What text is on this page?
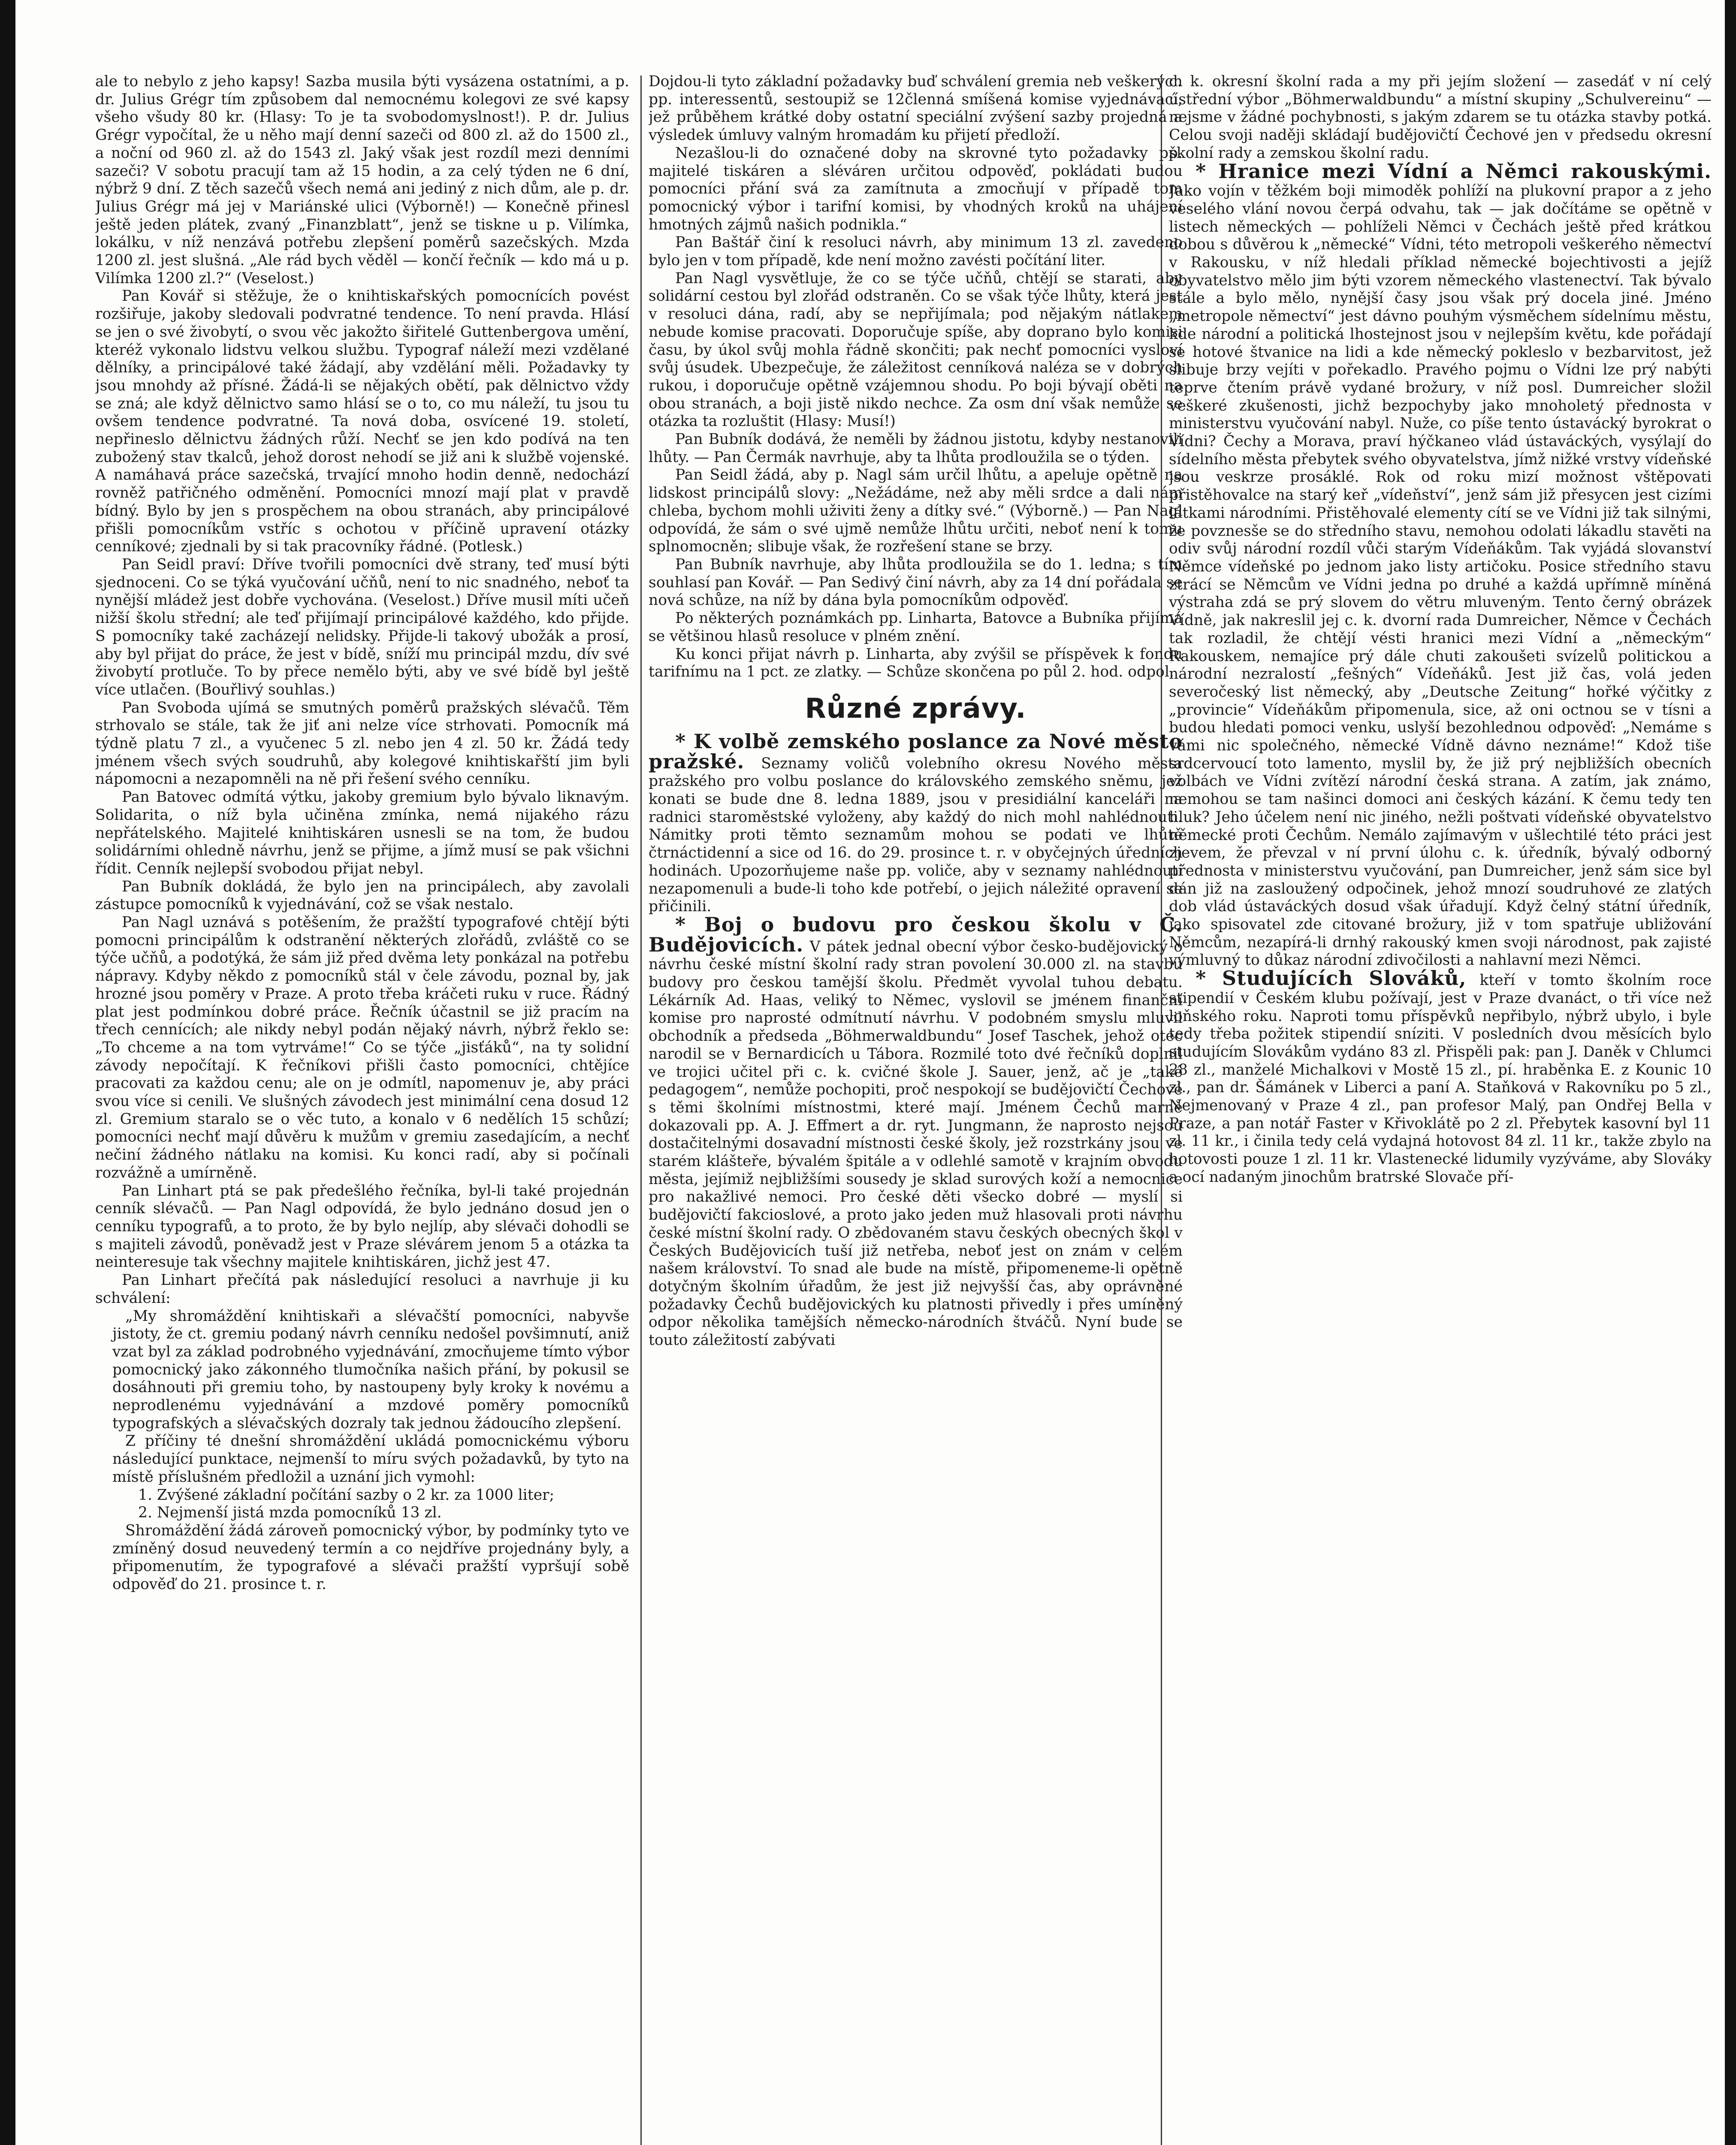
ale to nebylo z jeho kapsy! Sazba musila býti vysázena ostatními, a p. dr. Julius Grégr tím způsobem dal nemocnému kolegovi ze své kapsy všeho všudy 80 kr. (Hlasy: To je ta svobodomyslnost!). P. dr. Julius Grégr vypočítal, že u něho mají denní sazeči od 800 zl. až do 1500 zl., a noční od 960 zl. až do 1543 zl. Jaký však jest rozdíl mezi denními sazeči? V sobotu pracují tam až 15 hodin, a za celý týden ne 6 dní, nýbrž 9 dní. Z těch sazečů všech nemá ani jediný z nich dům, ale p. dr. Julius Grégr má jej v Mariánské ulici (Výborně!) — Konečně přinesl ještě jeden plátek, zvaný „Finanzblatt“, jenž se tiskne u p. Vilímka, lokálku, v níž nenzává potřebu zlepšení poměrů sazečských. Mzda 1200 zl. jest slušná. „Ale rád bych věděl — končí řečník — kdo má u p. Vilímka 1200 zl.?“ (Veselost.)

Pan Kovář si stěžuje, že o knihtiskařských pomocnících povést rozšiřuje, jakoby sledovali podvratné tendence. To není pravda. Hlásí se jen o své živobytí, o svou věc jakožto šiřitelé Guttenbergova umění, kteréž vykonalo lidstvu velkou službu. Typograf náleží mezi vzdělané dělníky, a principálové také žádají, aby vzdělání měli. Požadavky ty jsou mnohdy až přísné. Žádá-li se nějakých obětí, pak dělnictvo vždy se zná; ale když dělnictvo samo hlásí se o to, co mu náleží, tu jsou tu ovšem tendence podvratné. Ta nová doba, osvícené 19. století, nepřineslo dělnictvu žádných růží. Nechť se jen kdo podívá na ten zubožený stav tkalců, jehož dorost nehodí se již ani k službě vojenské. A namáhavá práce sazečská, trvající mnoho hodin denně, nedochází rovněž patřičného odměnění. Pomocníci mnozí mají plat v pravdě bídný. Bylo by jen s prospěchem na obou stranách, aby principálové přišli pomocníkům vstříc s ochotou v příčině upravení otázky cenníkové; zjednali by si tak pracovníky řádné. (Potlesk.)

Pan Seidl praví: Dříve tvořili pomocníci dvě strany, teď musí býti sjednoceni. Co se týká vyučování učňů, není to nic snadného, neboť ta nynější mládež jest dobře vychována. (Veselost.) Dříve musil míti učeň nižší školu střední; ale teď přijímají principálové každého, kdo přijde. S pomocníky také zacházejí nelidsky. Přijde-li takový ubožák a prosí, aby byl přijat do práce, že jest v bídě, sníží mu principál mzdu, dív své živobytí protluče. To by přece nemělo býti, aby ve své bídě byl ještě více utlačen. (Bouřlivý souhlas.)

Pan Svoboda ujímá se smutných poměrů pražských slévačů. Těm strhovalo se stále, tak že jiť ani nelze více strhovati. Pomocník má týdně platu 7 zl., a vyučenec 5 zl. nebo jen 4 zl. 50 kr. Žádá tedy jménem všech svých soudruhů, aby kolegové knihtiskařští jim byli nápomocni a nezapomněli na ně při řešení svého cenníku.

Pan Batovec odmítá výtku, jakoby gremium bylo bývalo liknavým. Solidarita, o níž byla učiněna zmínka, nemá nijakého rázu nepřátelského. Majitelé knihtiskáren usnesli se na tom, že budou solidárními ohledně návrhu, jenž se přijme, a jímž musí se pak všichni řídit. Cenník nejlepší svobodou přijat nebyl.

Pan Bubník dokládá, že bylo jen na principálech, aby zavolali zástupce pomocníků k vyjednávání, což se však nestalo.

Pan Nagl uznává s potěšením, že pražští typografové chtějí býti pomocni principálům k odstranění některých zlořádů, zvláště co se týče učňů, a podotýká, že sám již před dvěma lety ponkázal na potřebu nápravy. Kdyby někdo z pomocníků stál v čele závodu, poznal by, jak hrozné jsou poměry v Praze. A proto třeba kráčeti ruku v ruce. Řádný plat jest podmínkou dobré práce. Řečník účastnil se již pracím na třech cennících; ale nikdy nebyl podán nějaký návrh, nýbrž řeklo se: „To chceme a na tom vytrváme!“ Co se týče „jisťáků“, na ty solidní závody nepočítají. K řečníkovi přišli často pomocníci, chtějíce pracovati za každou cenu; ale on je odmítl, napomenuv je, aby práci svou více si cenili. Ve slušných závodech jest minimální cena dosud 12 zl. Gremium staralo se o věc tuto, a konalo v 6 nedělích 15 schůzí; pomocníci nechť mají důvěru k mužům v gremiu zasedajícím, a nechť nečiní žádného nátlaku na komisi. Ku konci radí, aby si počínali rozvážně a umírněně.

Pan Linhart ptá se pak předešlého řečníka, byl-li také projednán cenník slévačů. — Pan Nagl odpovídá, že bylo jednáno dosud jen o cenníku typografů, a to proto, že by bylo nejlíp, aby slévači dohodli se s majiteli závodů, poněvadž jest v Praze slévárem jenom 5 a otázka ta neinteresuje tak všechny majitele knihtiskáren, jichž jest 47.

Pan Linhart přečítá pak následující resoluci a navrhuje ji ku schválení:

„My shromáždění knihtiskaři a slévačští pomocníci, nabyvše jistoty, že ct. gremiu podaný návrh cenníku nedošel povšimnutí, aniž vzat byl za základ podrobného vyjednávání, zmocňujeme tímto výbor pomocnický jako zákonného tlumočníka našich přání, by pokusil se dosáhnouti při gremiu toho, by nastoupeny byly kroky k novému a neprodlenému vyjednávání a mzdové poměry pomocníků typografských a slévačských dozraly tak jednou žádoucího zlepšení.

Z příčiny té dnešní shromáždění ukládá pomocnickému výboru následující punktace, nejmenší to míru svých požadavků, by tyto na místě příslušném předložil a uznání jich vymohl:

1. Zvýšené základní počítání sazby o 2 kr. za 1000 liter;

2. Nejmenší jistá mzda pomocníků 13 zl.

Shromáždění žádá zároveň pomocnický výbor, by podmínky tyto ve zmíněný dosud neuvedený termín a co nejdříve projednány byly, a připomenutím, že typografové a slévači pražští vypršují sobě odpověď do 21. prosince t. r.

Dojdou-li tyto základní požadavky buď schválení gremia neb veškerých pp. interessentů, sestoupiž se 12členná smíšená komise vyjednávací, jež průběhem krátké doby ostatní speciální zvýšení sazby projedná a výsledek úmluvy valným hromadám ku přijetí předloží.

Nezašlou-li do označené doby na skrovné tyto požadavky pp. majitelé tiskáren a sléváren určitou odpověď, pokládati budou pomocníci přání svá za zamítnuta a zmocňují v případě tom pomocnický výbor i tarifní komisi, by vhodných kroků na uhájení hmotných zájmů našich podnikla.“

Pan Baštář činí k resoluci návrh, aby minimum 13 zl. zavedeno bylo jen v tom případě, kde není možno zavésti počítání liter.

Pan Nagl vysvětluje, že co se týče učňů, chtějí se starati, aby solidární cestou byl zlořád odstraněn. Co se však týče lhůty, která jest v resoluci dána, radí, aby se nepřijímala; pod nějakým nátlakem nebude komise pracovati. Doporučuje spíše, aby doprano bylo komisi času, by úkol svůj mohla řádně skončiti; pak nechť pomocníci vysloví svůj úsudek. Ubezpečuje, že záležitost cenníková naléza se v dobrých rukou, i doporučuje opětně vzájemnou shodu. Po boji bývají oběti na obou stranách, a boji jistě nikdo nechce. Za osm dní však nemůže se otázka ta rozluštit (Hlasy: Musí!)

Pan Bubník dodává, že neměli by žádnou jistotu, kdyby nestanovili lhůty. — Pan Čermák navrhuje, aby ta lhůta prodloužila se o týden.

Pan Seidl žádá, aby p. Nagl sám určil lhůtu, a apeluje opětně na lidskost principálů slovy: „Nežádáme, než aby měli srdce a dali nám chleba, bychom mohli uživiti ženy a dítky své.“ (Výborně.) — Pan Nagl odpovídá, že sám o své ujmě nemůže lhůtu určiti, neboť není k tomu splnomocněn; slibuje však, že rozřešení stane se brzy.

Pan Bubník navrhuje, aby lhůta prodloužila se do 1. ledna; s tím souhlasí pan Kovář. — Pan Sedivý činí návrh, aby za 14 dní pořádala se nová schůze, na níž by dána byla pomocníkům odpověď.

Po některých poznámkách pp. Linharta, Batovce a Bubníka přijímá se většinou hlasů resoluce v plném znění.

Ku konci přijat návrh p. Linharta, aby zvýšil se příspěvek k fondu tarifnímu na 1 pct. ze zlatky. — Schůze skončena po půl 2. hod. odpol.

Různé zprávy.

* K volbě zemského poslance za Nové město pražské. Seznamy voličů volebního okresu Nového města pražského pro volbu poslance do královského zemského sněmu, jež konati se bude dne 8. ledna 1889, jsou v presidiální kanceláři na radnici staroměstské vyloženy, aby každý do nich mohl nahlédnouti. Námitky proti těmto seznamům mohou se podati ve lhůtě čtrnáctidenní a sice od 16. do 29. prosince t. r. v obyčejných úředních hodinách. Upozorňujeme naše pp. voliče, aby v seznamy nahlédnouti nezapomenuli a bude-li toho kde potřebí, o jejich náležité opravení se přičinili.

* Boj o budovu pro českou školu v Č. Budějovicích. V pátek jednal obecní výbor česko-budějovický o návrhu české místní školní rady stran povolení 30.000 zl. na stavbu budovy pro českou tamější školu. Předmět vyvolal tuhou debatu. Lékárník Ad. Haas, veliký to Němec, vyslovil se jménem finanční komise pro naprosté odmítnutí návrhu. V podobném smyslu mluvil obchodník a předseda „Böhmerwaldbundu“ Josef Taschek, jehož otec narodil se v Bernardicích u Tábora. Rozmilé toto dvé řečníků doplnil ve trojici učitel při c. k. cvičné škole J. Sauer, jenž, ač je „také pedagogem“, nemůže pochopiti, proč nespokojí se budějovičtí Čechové s těmi školními místnostmi, které mají. Jménem Čechů marně dokazovali pp. A. J. Effmert a dr. ryt. Jungmann, že naprosto nejsou dostačitelnými dosavadní místnosti české školy, jež rozstrkány jsou ve starém klášteře, bývalém špitále a v odlehlé samotě v krajním obvodu města, jejímiž nejbližšími sousedy je sklad surových koží a nemocnice pro nakažlivé nemoci. Pro české děti všecko dobré — myslí si budějovičtí fakcioslové, a proto jako jeden muž hlasovali proti návrhu české místní školní rady. O zbědovaném stavu českých obecných škol v Českých Budějovicích tuší již netřeba, neboť jest on znám v celém našem království. To snad ale bude na místě, připomeneme-li opětně dotyčným školním úřadům, že jest již nejvyšší čas, aby oprávněné požadavky Čechů budějovických ku platnosti přivedly i přes umíněný odpor několika tamějších německo-národních štváčů. Nyní bude se touto záležitostí zabývati

c. k. okresní školní rada a my při jejím složení — zasedáť v ní celý ústřední výbor „Böhmerwaldbundu“ a místní skupiny „Schulvereinu“ — nejsme v žádné pochybnosti, s jakým zdarem se tu otázka stavby potká. Celou svoji naději skládají budějovičtí Čechové jen v předsedu okresní školní rady a zemskou školní radu.

* Hranice mezi Vídní a Němci rakouskými. Jako vojín v těžkém boji mimoděk pohlíží na plukovní prapor a z jeho veselého vlání novou čerpá odvahu, tak — jak dočítáme se opětně v listech německých — pohlíželi Němci v Čechách ještě před krátkou dobou s důvěrou k „německé“ Vídni, této metropoli veškerého němectví v Rakousku, v níž hledali příklad německé bojechtivosti a jejíž obyvatelstvo mělo jim býti vzorem německého vlastenectví. Tak bývalo stále a bylo mělo, nynější časy jsou však prý docela jiné. Jméno „metropole němectví“ jest dávno pouhým výsměchem sídelnímu městu, kde národní a politická lhostejnost jsou v nejlepším květu, kde pořádají se hotové štvanice na lidi a kde německý pokleslo v bezbarvitost, jež slibuje brzy vejíti v pořekadlo. Pravého pojmu o Vídni lze prý nabýti teprve čtením právě vydané brožury, v níž posl. Dumreicher složil veškeré zkušenosti, jichž bezpochyby jako mnoholetý přednosta v ministerstvu vyučování nabyl. Nuže, co píše tento ústavácký byrokrat o Vídni? Čechy a Morava, praví hýčkaneo vlád ústaváckých, vysýlají do sídelního města přebytek svého obyvatelstva, jímž nižké vrstvy vídeňské jsou veskrze prosáklé. Rok od roku mizí možnost vštěpovati přistěhovalce na starý keř „vídeňství“, jenž sám již přesycen jest cizími látkami národními. Přistěhovalé elementy cítí se ve Vídni již tak silnými, že povznesše se do středního stavu, nemohou odolati lákadlu stavěti na odiv svůj národní rozdíl vůči starým Vídeňákům. Tak vyjádá slovanství Němce vídeňské po jednom jako listy artičoku. Posice středního stavu ztrácí se Němcům ve Vídni jedna po druhé a každá upřímně míněná výstraha zdá se prý slovem do větru mluveným. Tento černý obrázek Vídně, jak nakreslil jej c. k. dvorní rada Dumreicher, Němce v Čechách tak rozladil, že chtějí vésti hranici mezi Vídní a „německým“ Rakouskem, nemajíce prý dále chuti zakoušeti svízelů politickou a národní nezralostí „fešných“ Vídeňáků. Jest již čas, volá jeden severočeský list německý, aby „Deutsche Zeitung“ hořké výčitky z „provincie“ Vídeňákům připomenula, sice, až oni octnou se v tísni a budou hledati pomoci venku, uslyší bezohlednou odpověď: „Nemáme s vámi nic společného, německé Vídně dávno neznáme!“ Kdož tiše srdcervoucí toto lamento, myslil by, že již prý nejbližších obecních volbách ve Vídni zvítězí národní česká strana. A zatím, jak známo, nemohou se tam našinci domoci ani českých kázání. K čemu tedy ten hluk? Jeho účelem není nic jiného, nežli poštvati vídeňské obyvatelstvo německé proti Čechům. Nemálo zajímavým v ušlechtilé této práci jest zjevem, že převzal v ní první úlohu c. k. úředník, bývalý odborný přednosta v ministerstvu vyučování, pan Dumreicher, jenž sám sice byl dán již na zasloužený odpočinek, jehož mnozí soudruhové ze zlatých dob vlád ústaváckých dosud však úřadují. Když čelný státní úředník, jako spisovatel zde citované brožury, již v tom spatřuje ubližování Němcům, nezapírá-li drnhý rakouský kmen svoji národnost, pak zajisté výmluvný to důkaz národní zdivočilosti a nahlavní mezi Němci.

* Studujících Slováků, kteří v tomto školním roce stipendií v Českém klubu požívají, jest v Praze dvanáct, o tři více než loňského roku. Naproti tomu příspěvků nepřibylo, nýbrž ubylo, i byle tedy třeba požitek stipendií sníziti. V posledních dvou měsících bylo studujícím Slovákům vydáno 83 zl. Přispěli pak: pan J. Daněk v Chlumci 28 zl., manželé Michalkovi v Mostě 15 zl., pí. hraběnka E. z Kounic 10 zl., pan dr. Šámánek v Liberci a paní A. Staňková v Rakovníku po 5 zl., Nejmenovaný v Praze 4 zl., pan profesor Malý, pan Ondřej Bella v Praze, a pan notář Faster v Křivoklátě po 2 zl. Přebytek kasovní byl 11 zl. 11 kr., i činila tedy celá vydajná hotovost 84 zl. 11 kr., takže zbylo na hotovosti pouze 1 zl. 11 kr. Vlastenecké lidumily vyzýváme, aby Slováky a ocí nadaným jinochům bratrské Slovače pří-
